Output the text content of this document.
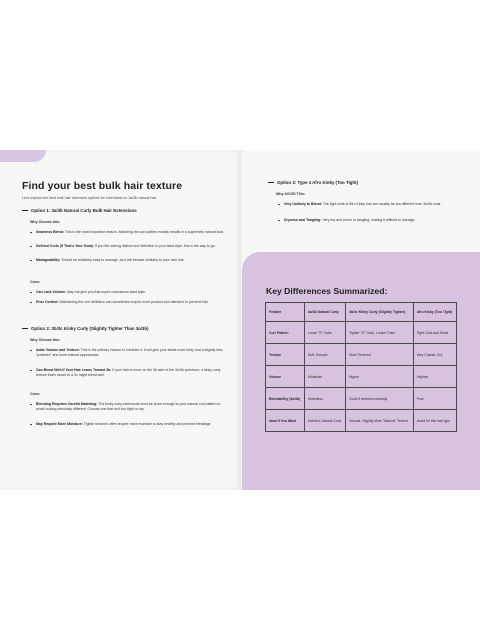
Find your best bulk hair texture
Let's explore the best bulk hair extension options for mini twists on 3a/3b natural hair:
Option 1: 3a/3b Natural Curly Bulk Hair Extensions
Why Choose this:
Seamless Blend: This is the most important reason. Matching the curl pattern exactly results in a supremely natural look.
Defined Curls (If That's Your Goal): If you like seeing distinct curl definition in your twist style, this is the way to go.
Manageability: Should be relatively easy to manage, as it will behave similarly to your own hair.
Cons:
Can Lack Volume: May not give you that super-voluminous twist style.
Frizz Control: Maintaining the curl definition can sometimes require more product and attention to prevent frizz.
Option 2: 3b/3c Kinky Curly (Slightly Tighter Than 3a/3b)
Why Choose this:
Adds Volume and Texture: This is the primary reason to consider it. It will give your twists more body and a slightly less "polished" and more natural appearance.
Can Blend Well If Your Hair Leans Toward 3b: If your hair is more on the 3b side of the 3a/3b spectrum, a kinky curly texture that's closer to a 3c might blend well.
Cons:
Blending Requires Careful Matching: The kinky curly extensions must be close enough to your natural curl pattern to avoid looking obviously different. Choose one that isn't too tight or dry.
May Require More Moisture: Tighter textures often require more moisture to stay healthy and prevent breakage.
Option 3: Type 4 Afro Kinky (Too Tight)
Why AVOID This:
Very Unlikely to Blend: The tight coils of Afro Kinky hair are usually far too different from 3a/3b curls.
Dryness and Tangling: Very dry and prone to tangling, making it difficult to manage.
Key Differences Summarized:
Feature	3a/3b Natural Curly	3b/3c Kinky Curly (Slightly Tighter)	Afro Kinky (Too Tight)
Curl Pattern	Loose "S" Curls	Tighter "S" Curls, Looser Coils	Tight Coils and Kinks
Texture	Soft, Smooth	More Textured	Very Coarse, Dry
Volume	Moderate	Higher	Highest
Blendability (3a/3b)	Seamless	Good if selected carefully	Poor
Ideal if You Want	Defined, Natural Curls	Volume, Slightly More "Natural" Texture	Avoid for this hair type
